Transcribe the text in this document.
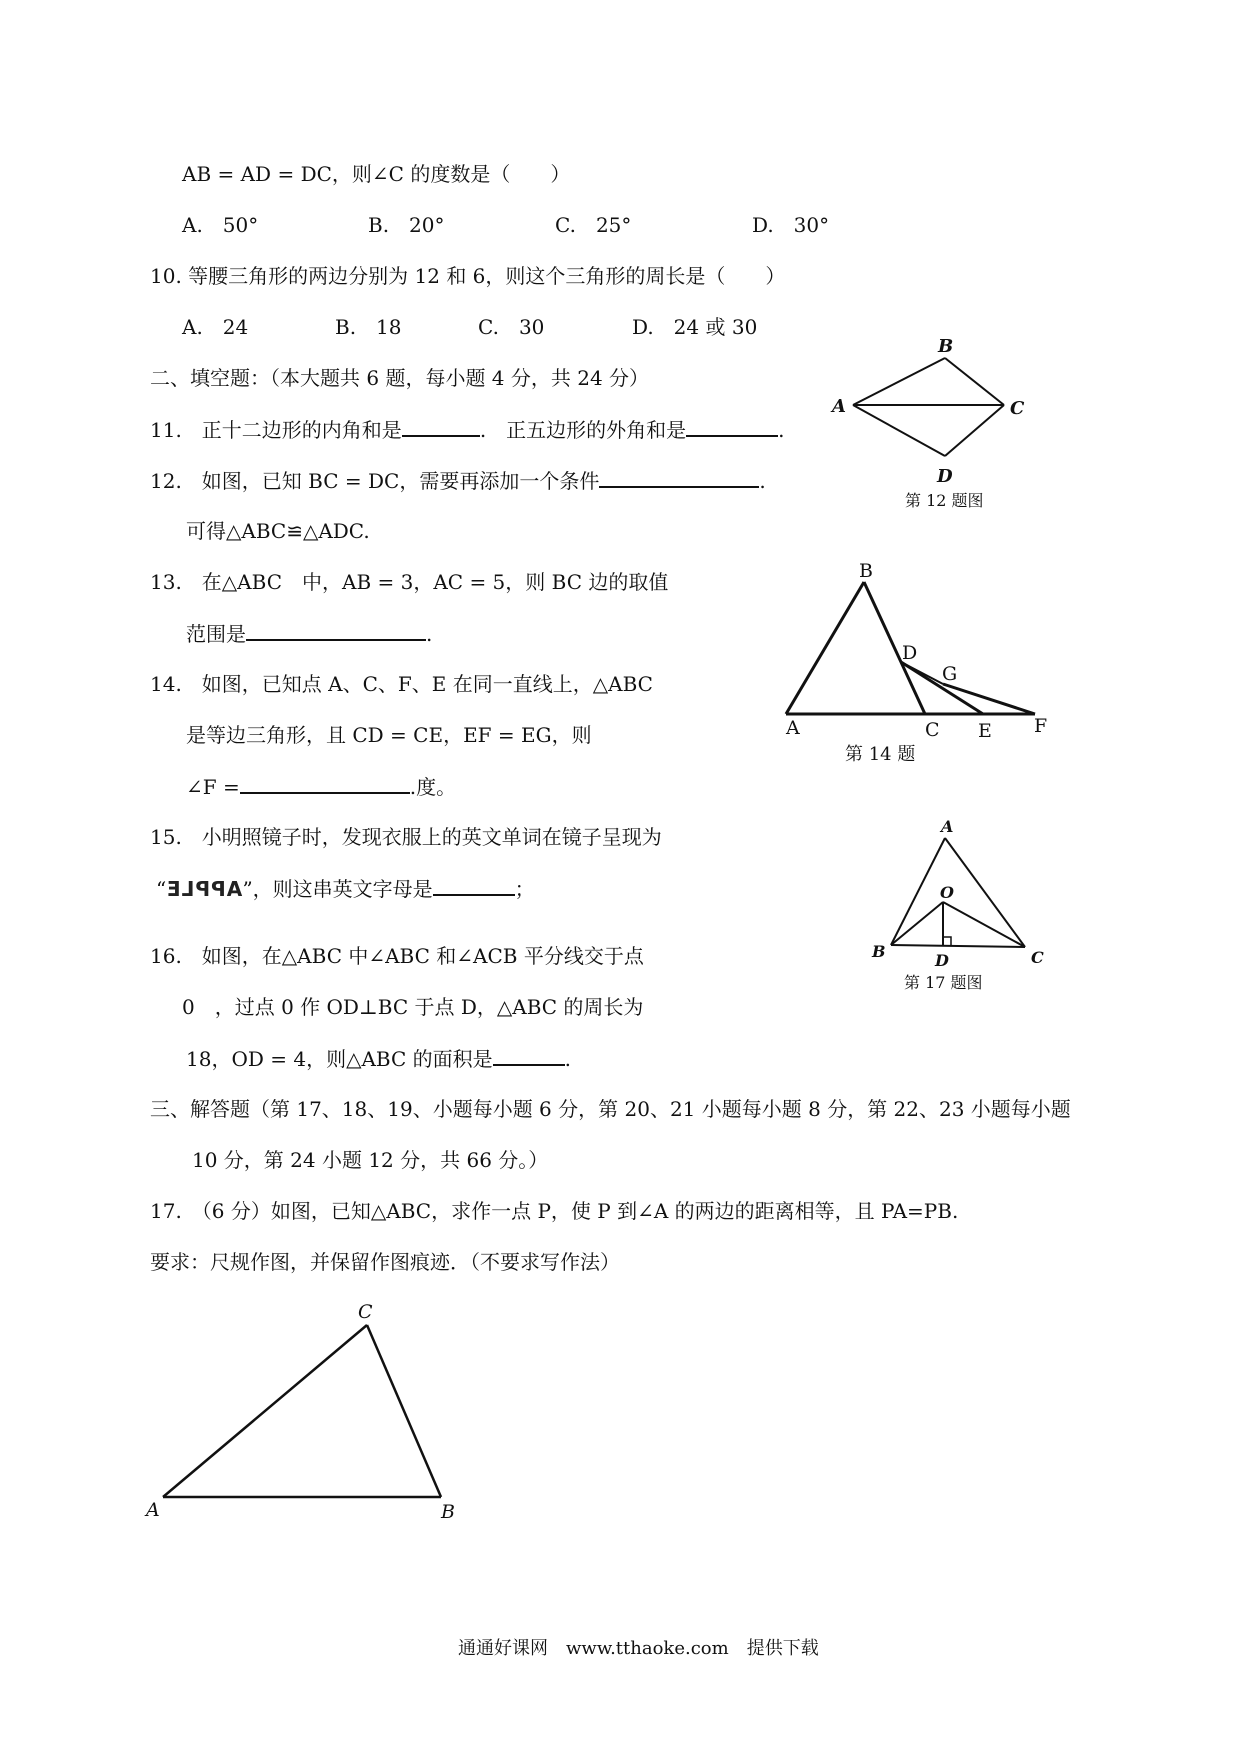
AB = AD = DC，则∠C 的度数是（　　）
A.　50°	B.　20°	C.　25°	D.　30°
10. 等腰三角形的两边分别为 12 和 6，则这个三角形的周长是（　　）
A.　24	B.　18	C.　30	D.　24 或 30
二、填空题：（本大题共 6 题，每小题 4 分，共 24 分）
11.　正十二边形的内角和是	.　正五边形的外角和是	.
12.　如图，已知 BC = DC，需要再添加一个条件	.
可得△ABC≌△ADC.
13.　在△ABC　中，AB = 3，AC = 5，则 BC 边的取值
范围是	.
14.　如图，已知点 A、C、F、E 在同一直线上，△ABC
是等边三角形，且 CD = CE，EF = EG，则
∠F =	.度。
15.　小明照镜子时，发现衣服上的英文单词在镜子呈现为
“APPLE”，则这串英文字母是	；
16.　如图，在△ABC 中∠ABC 和∠ACB 平分线交于点
0　，过点 0 作 OD⊥BC 于点 D，△ABC 的周长为
18，OD = 4，则△ABC 的面积是	.
三、解答题（第 17、18、19、小题每小题 6 分，第 20、21 小题每小题 8 分，第 22、23 小题每小题
10 分，第 24 小题 12 分，共 66 分。）
17.　（6 分）如图，已知△ABC，求作一点 P，使 P 到∠A 的两边的距离相等，且 PA=PB.
要求：尺规作图，并保留作图痕迹．（不要求写作法）
A
B
C
D
第 12 题图
A
B
C
D
E F
G
第 14 题
A
B	C
O
D
第 17 题图
A	B
C
通通好课网　www.tthaoke.com　提供下载
